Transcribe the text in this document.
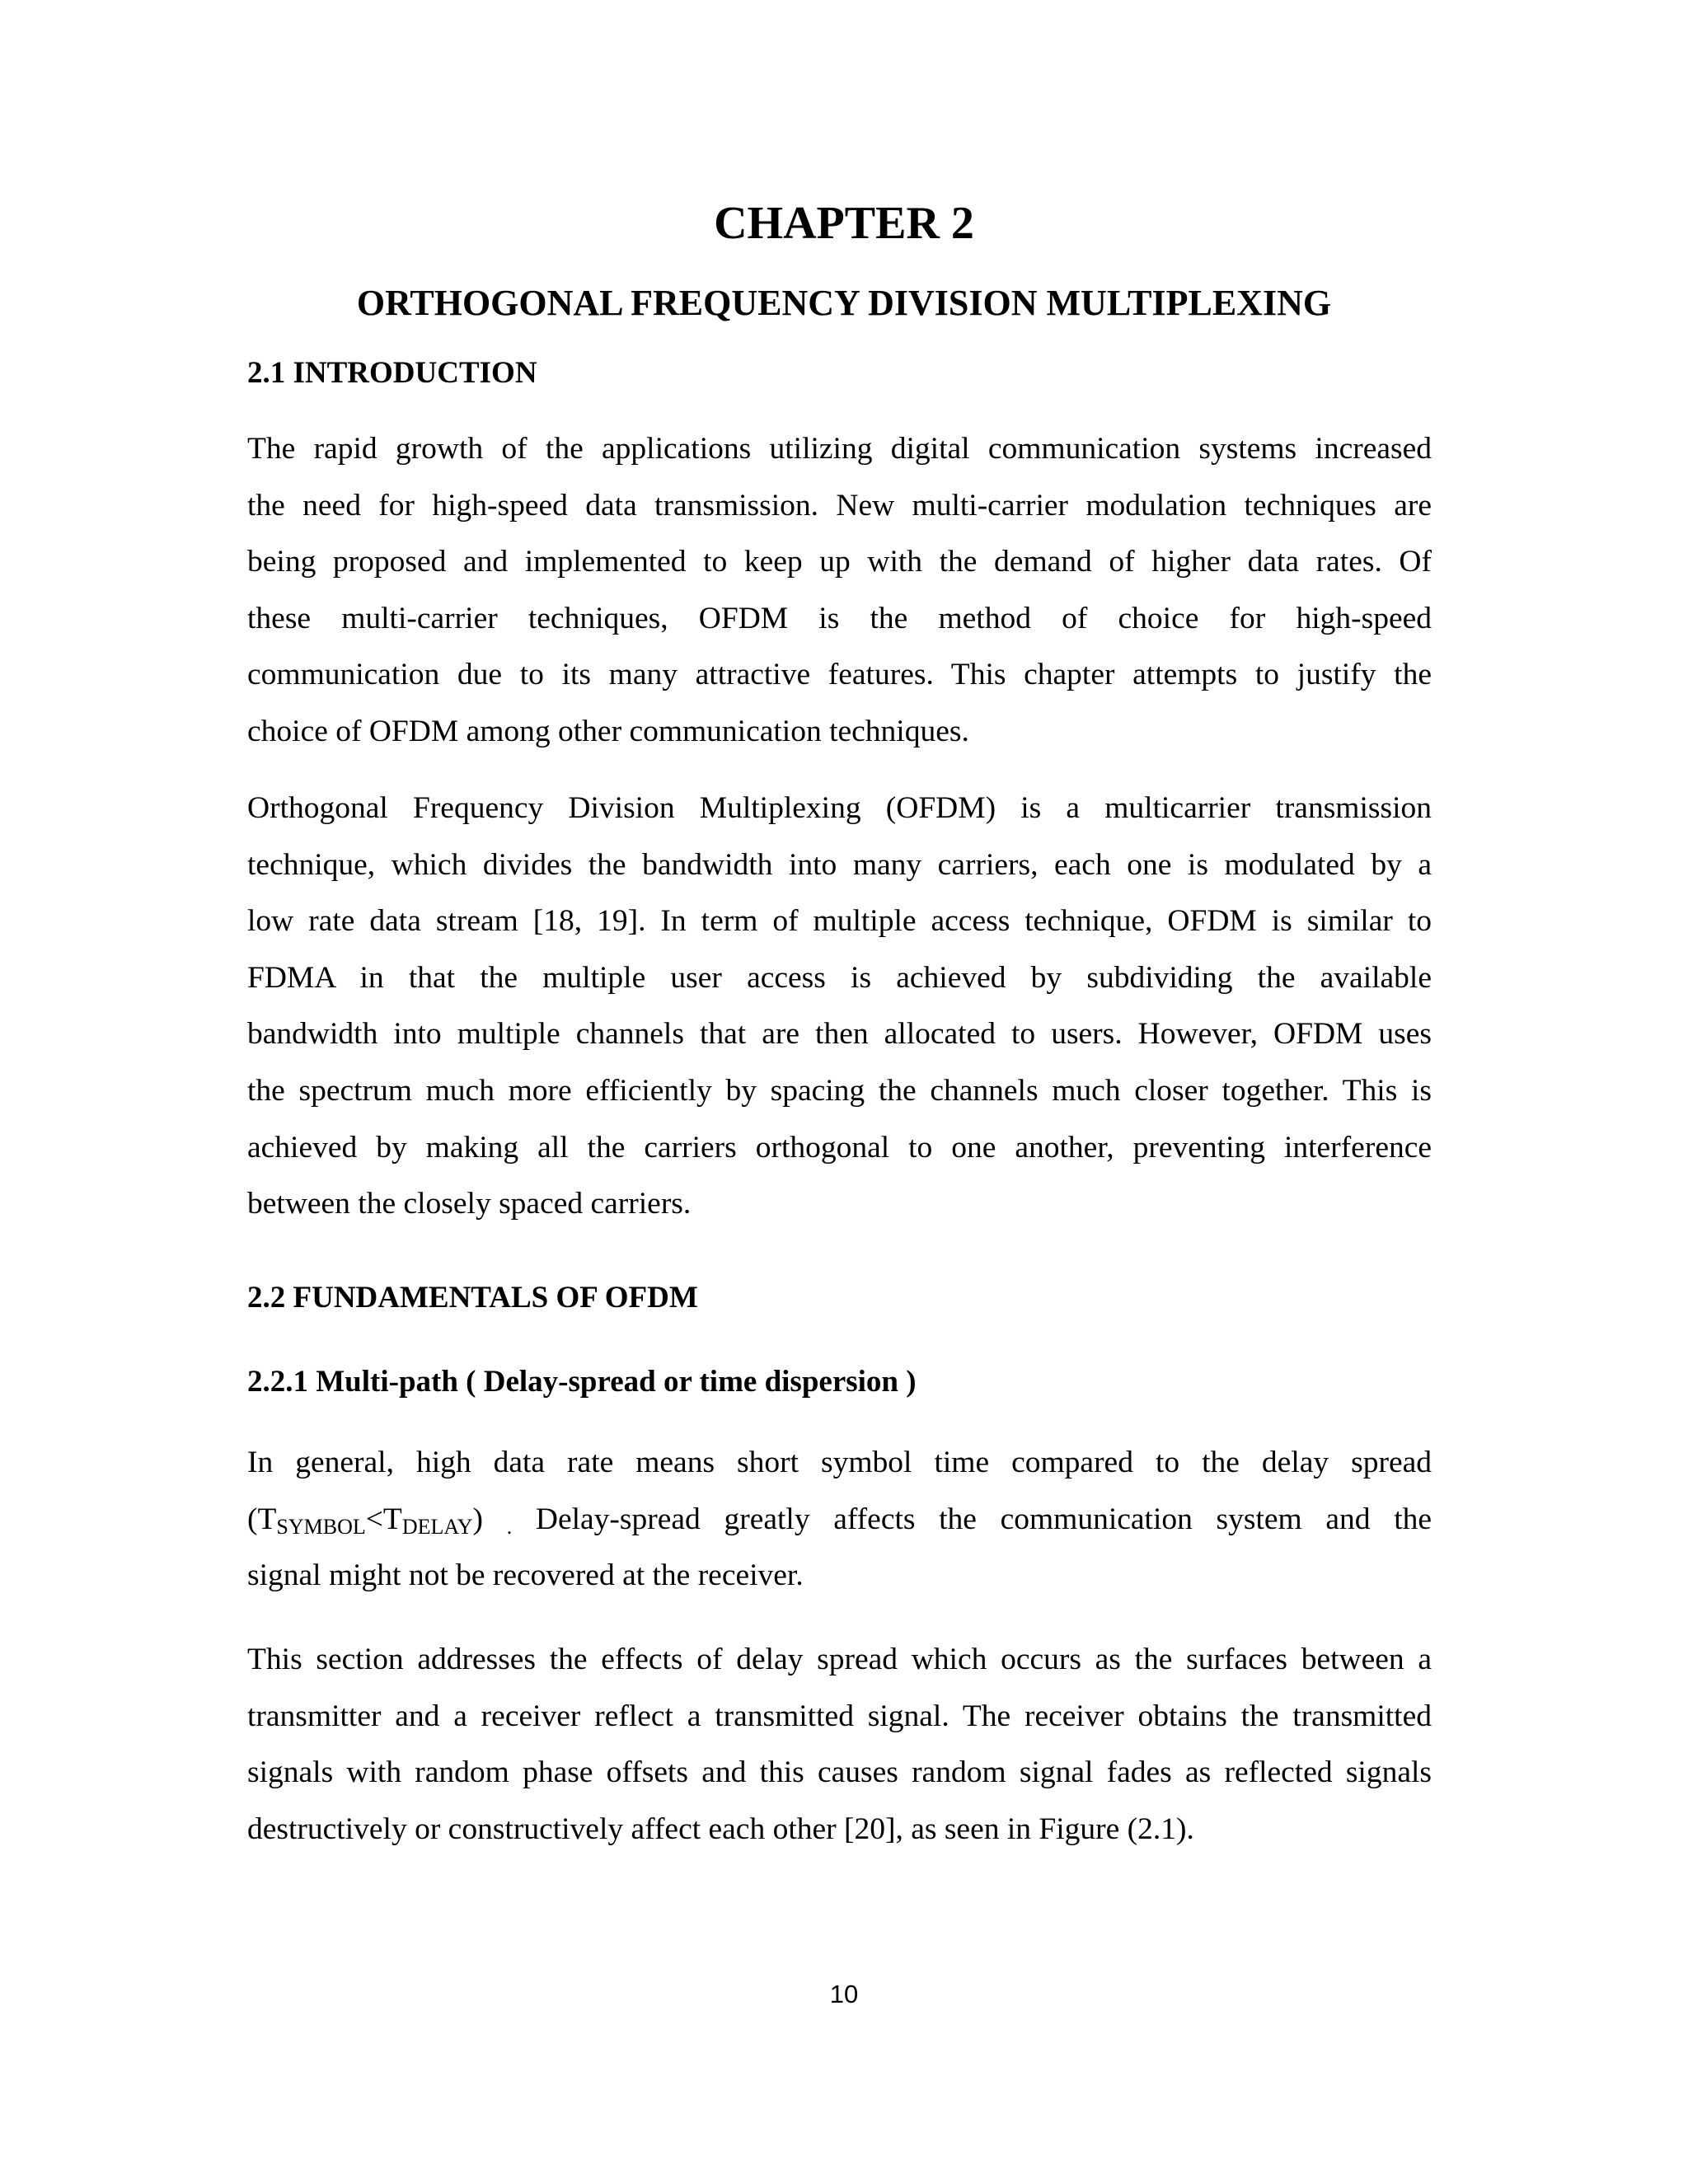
CHAPTER 2
ORTHOGONAL FREQUENCY DIVISION MULTIPLEXING
2.1 INTRODUCTION
The rapid growth of the applications utilizing digital communication systems increased
the need for high-speed data transmission. New multi-carrier modulation techniques are
being proposed and implemented to keep up with the demand of higher data rates. Of
these multi-carrier techniques, OFDM is the method of choice for high-speed
communication due to its many attractive features. This chapter attempts to justify the
choice of OFDM among other communication techniques.
Orthogonal Frequency Division Multiplexing (OFDM) is a multicarrier transmission
technique, which divides the bandwidth into many carriers, each one is modulated by a
low rate data stream [18, 19]. In term of multiple access technique, OFDM is similar to
FDMA in that the multiple user access is achieved by subdividing the available
bandwidth into multiple channels that are then allocated to users. However, OFDM uses
the spectrum much more efficiently by spacing the channels much closer together. This is
achieved by making all the carriers orthogonal to one another, preventing interference
between the closely spaced carriers.
2.2 FUNDAMENTALS OF OFDM
2.2.1 Multi-path ( Delay-spread or time dispersion )
In general, high data rate means short symbol time compared to the delay spread
$(T_{SYMBOL}<T_{DELAY})$ $_.$ Delay-spread greatly affects the communication system and the
signal might not be recovered at the receiver.
This section addresses the effects of delay spread which occurs as the surfaces between a
transmitter and a receiver reflect a transmitted signal. The receiver obtains the transmitted
signals with random phase offsets and this causes random signal fades as reflected signals
destructively or constructively affect each other [20], as seen in Figure (2.1).
10
